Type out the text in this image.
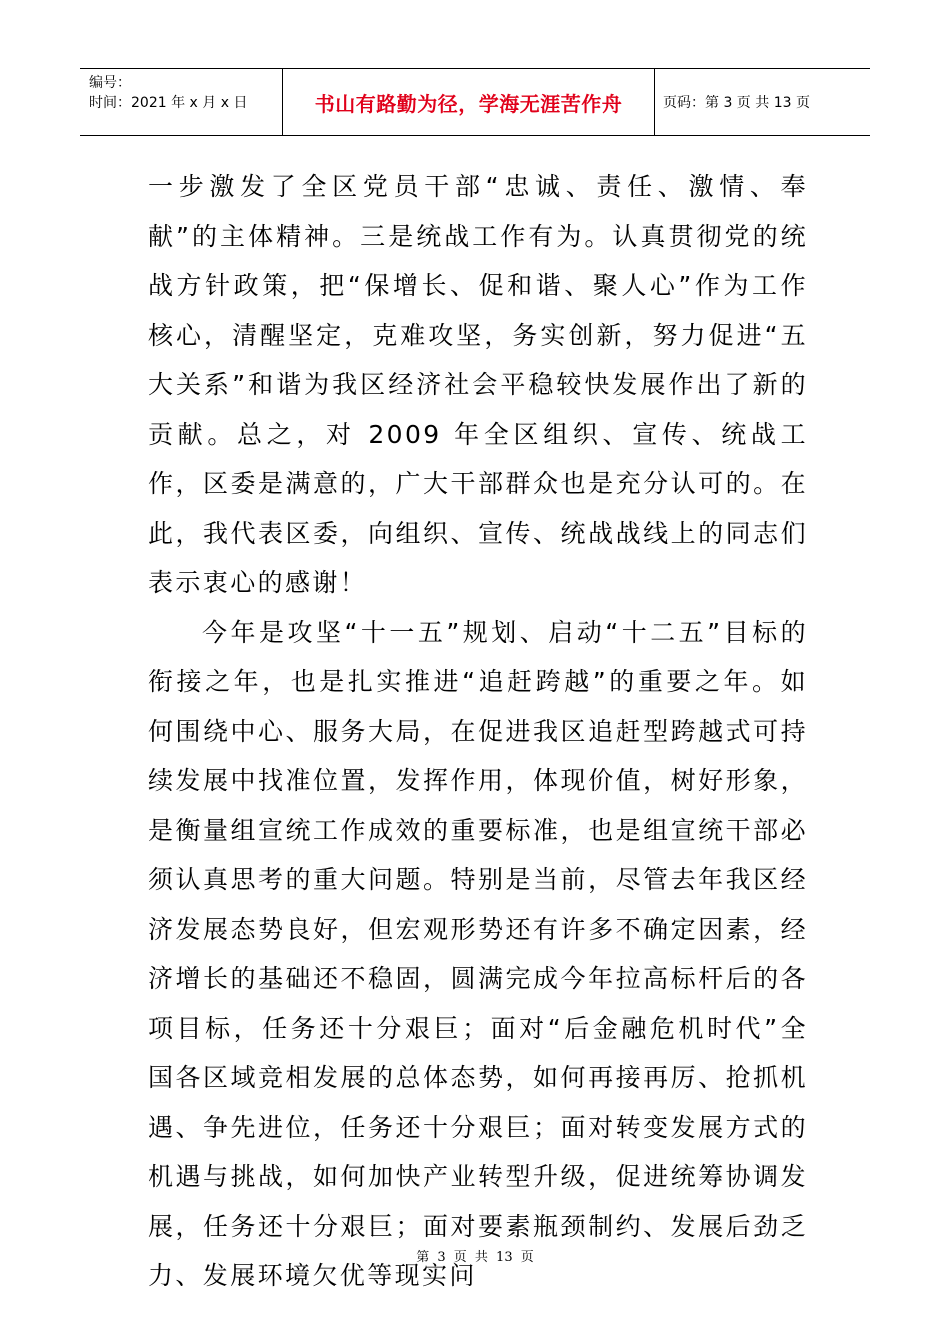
编号：
时间：2021 年 x 月 x 日	书山有路勤为径，学海无涯苦作舟	页码：第 3 页 共 13 页

一步激发了全区党员干部“忠诚、责任、激情、奉献”的主体精神。三是统战工作有为。认真贯彻党的统战方针政策，把“保增长、促和谐、聚人心”作为工作核心，清醒坚定，克难攻坚，务实创新，努力促进“五大关系”和谐为我区经济社会平稳较快发展作出了新的贡献。总之，对 2009 年全区组织、宣传、统战工作，区委是满意的，广大干部群众也是充分认可的。在此，我代表区委，向组织、宣传、统战战线上的同志们表示衷心的感谢！

今年是攻坚“十一五”规划、启动“十二五”目标的衔接之年，也是扎实推进“追赶跨越”的重要之年。如何围绕中心、服务大局，在促进我区追赶型跨越式可持续发展中找准位置，发挥作用，体现价值，树好形象，是衡量组宣统工作成效的重要标准，也是组宣统干部必须认真思考的重大问题。特别是当前，尽管去年我区经济发展态势良好，但宏观形势还有许多不确定因素，经济增长的基础还不稳固，圆满完成今年拉高标杆后的各项目标，任务还十分艰巨；面对“后金融危机时代”全国各区域竞相发展的总体态势，如何再接再厉、抢抓机遇、争先进位，任务还十分艰巨；面对转变发展方式的机遇与挑战，如何加快产业转型升级，促进统筹协调发展，任务还十分艰巨；面对要素瓶颈制约、发展后劲乏力、发展环境欠优等现实问

第 3 页 共 13 页
